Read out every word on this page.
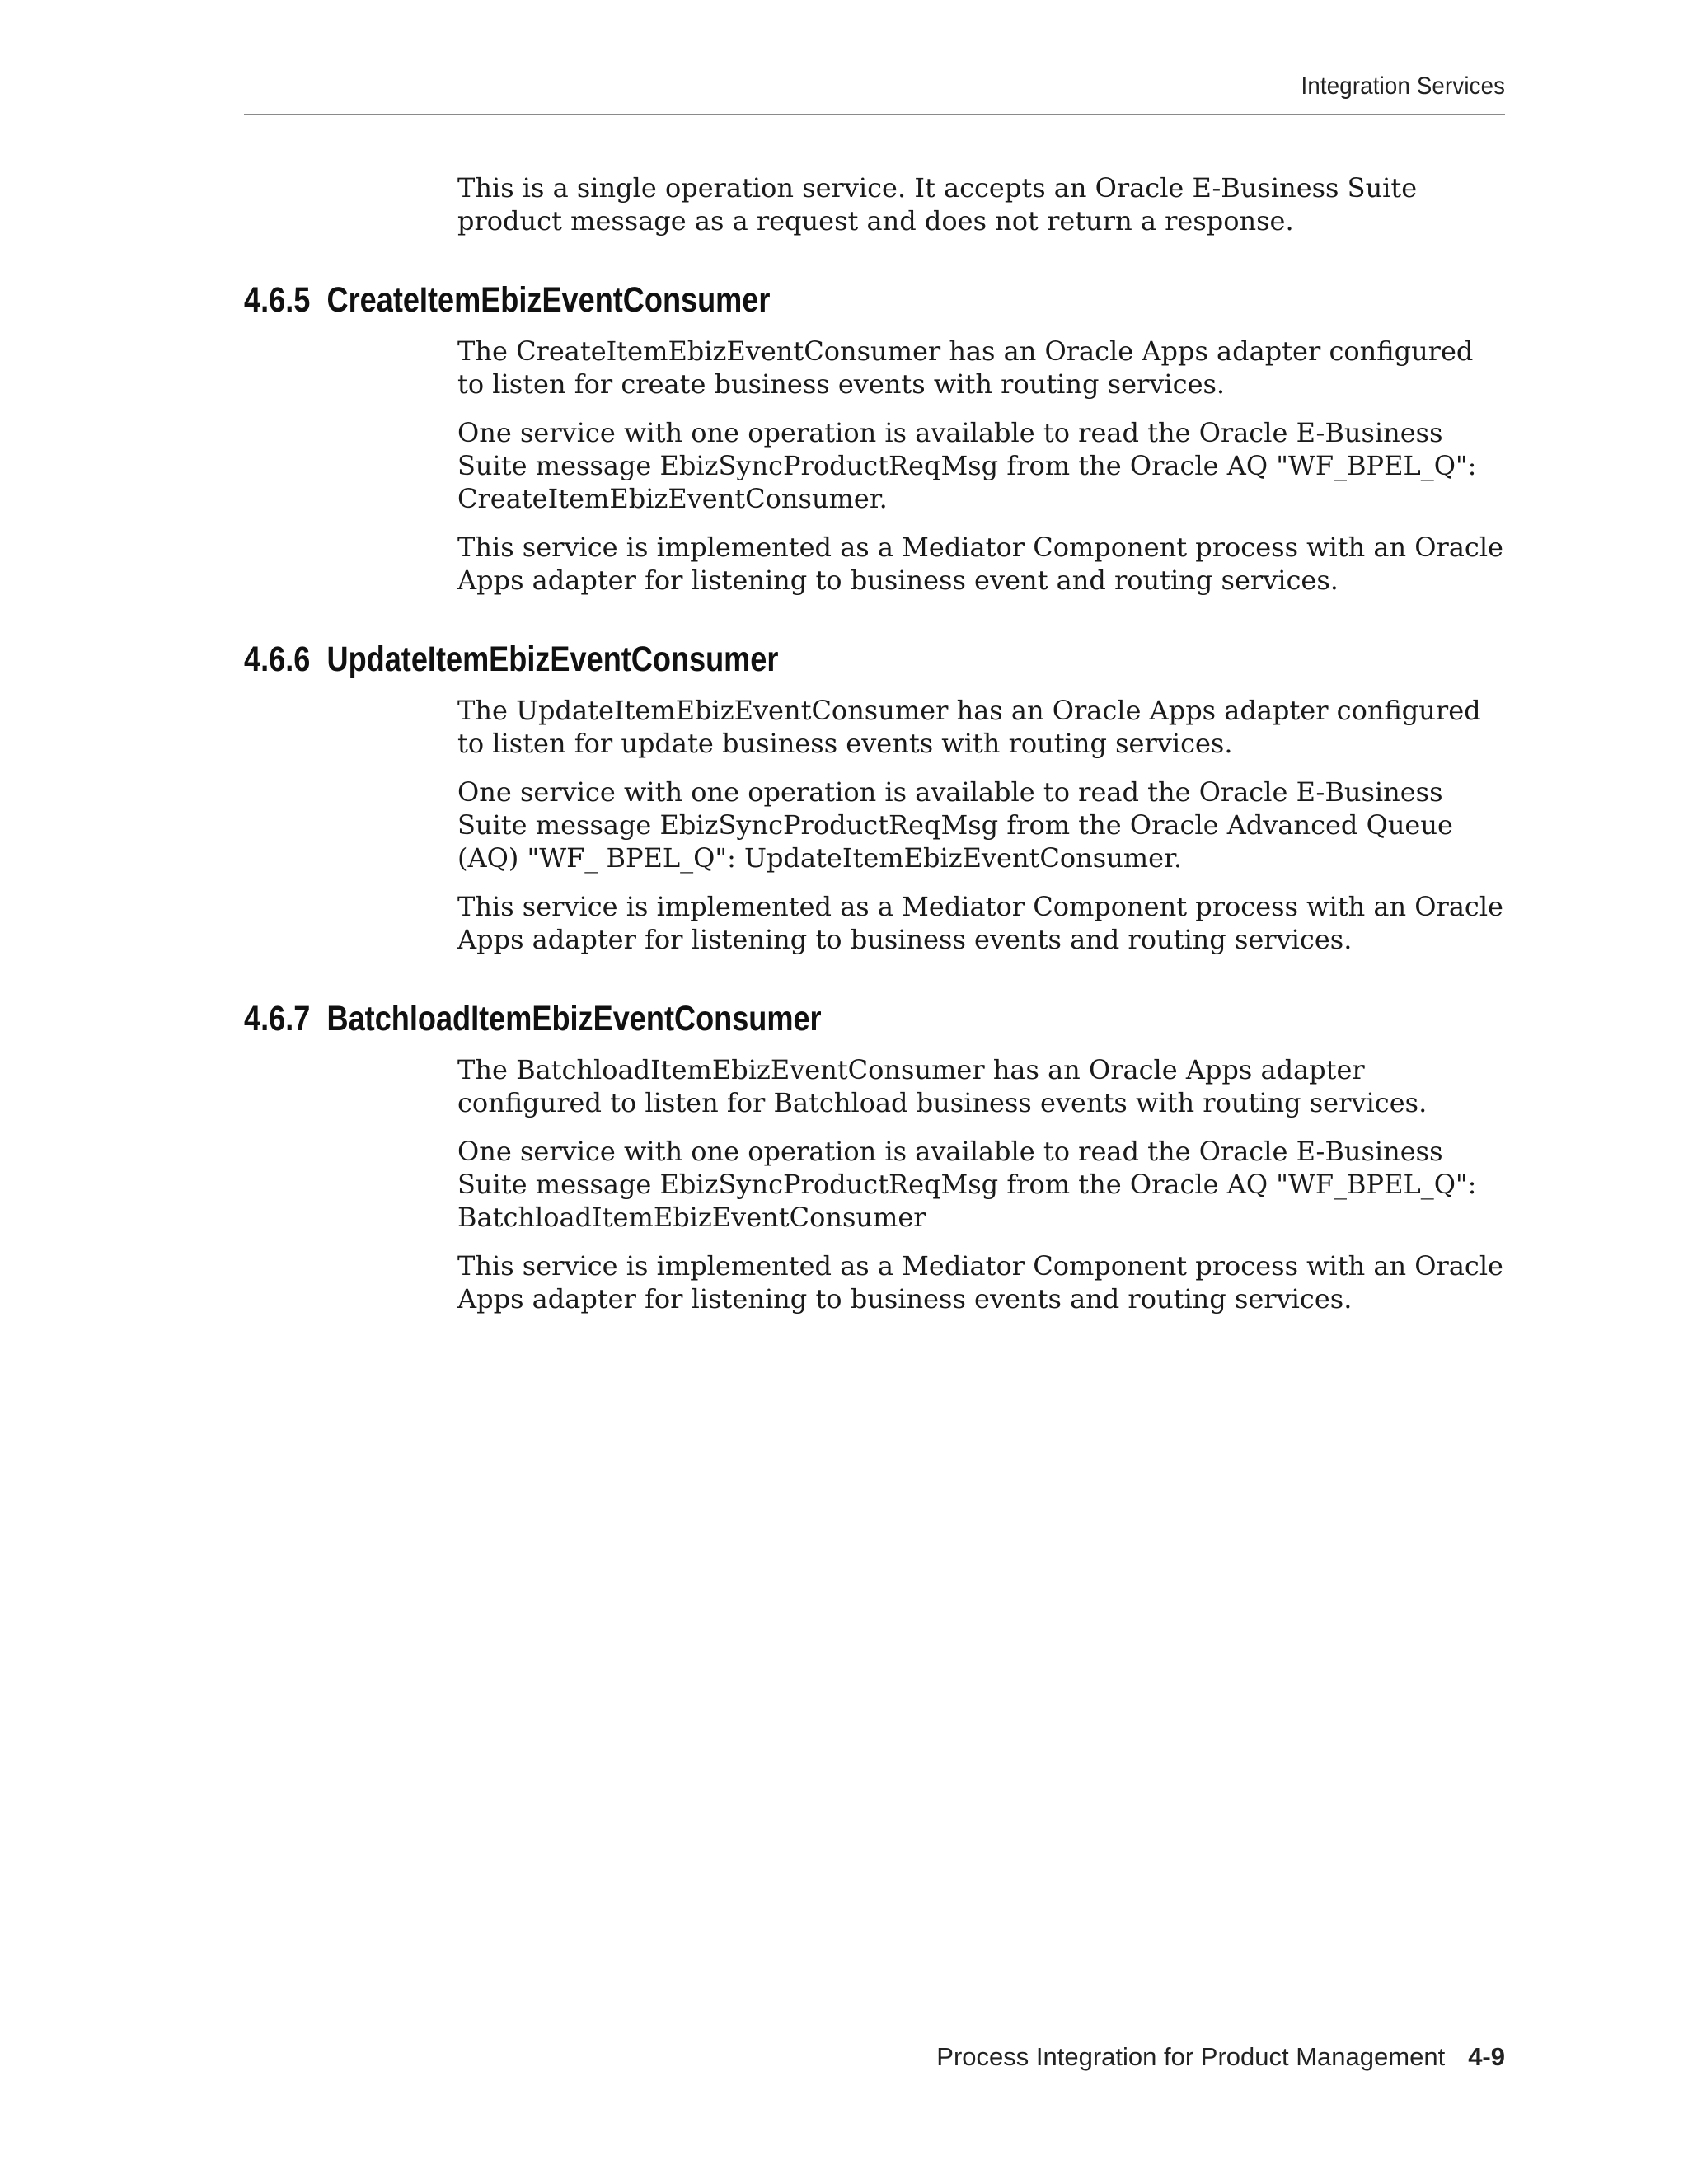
Integration Services

This is a single operation service. It accepts an Oracle E-Business Suite product message as a request and does not return a response.

4.6.5 CreateItemEbizEventConsumer

The CreateItemEbizEventConsumer has an Oracle Apps adapter configured to listen for create business events with routing services.

One service with one operation is available to read the Oracle E-Business Suite message EbizSyncProductReqMsg from the Oracle AQ "WF_BPEL_Q": CreateItemEbizEventConsumer.

This service is implemented as a Mediator Component process with an Oracle Apps adapter for listening to business event and routing services.

4.6.6 UpdateItemEbizEventConsumer

The UpdateItemEbizEventConsumer has an Oracle Apps adapter configured to listen for update business events with routing services.

One service with one operation is available to read the Oracle E-Business Suite message EbizSyncProductReqMsg from the Oracle Advanced Queue (AQ) "WF_ BPEL_Q": UpdateItemEbizEventConsumer.

This service is implemented as a Mediator Component process with an Oracle Apps adapter for listening to business events and routing services.

4.6.7 BatchloadItemEbizEventConsumer

The BatchloadItemEbizEventConsumer has an Oracle Apps adapter configured to listen for Batchload business events with routing services.

One service with one operation is available to read the Oracle E-Business Suite message EbizSyncProductReqMsg from the Oracle AQ "WF_BPEL_Q": BatchloadItemEbizEventConsumer

This service is implemented as a Mediator Component process with an Oracle Apps adapter for listening to business events and routing services.

Process Integration for Product Management 4-9
